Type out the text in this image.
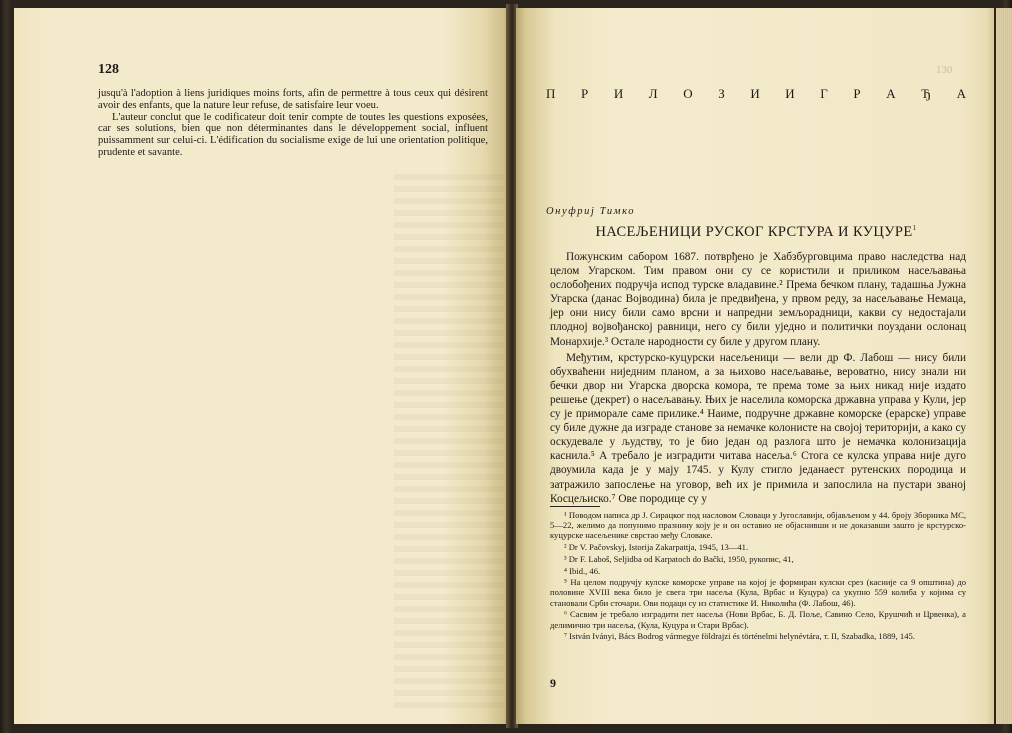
128

jusqu'à l'adoption à liens juridiques moins forts, afin de permettre à tous ceux qui désirent avoir des enfants, que la nature leur refuse, de satisfaire leur voeu.

L'auteur conclut que le codificateur doit tenir compte de toutes les questions exposées, car ses solutions, bien que non déterminantes dans le développement social, influent puissamment sur celui-ci. L'édification du socialisme exige de lui une orientation politique, prudente et savante.

130
П Р И Л О З И И Г Р А Ђ А
Онуфриј Тимко
НАСЕЉЕНИЦИ РУСКОГ КРСТУРА И КУЦУРЕ$^1$

Пожунским сабором 1687. потврђено је Хабзбурговцима право наследства над целом Угарском. Тим правом они су се користили и приликом насељавања ослобођених подручја испод турске владавине.² Према бечком плану, тадашња Јужна Угарска (данас Војводина) била је предвиђена, у првом реду, за насељавање Немаца, јер они нису били само врсни и напредни земљорадници, какви су недостајали плодној војвођанској равници, него су били уједно и политички поуздани ослонац Монархије.³ Остале народности су биле у другом плану.

Међутим, крстурско-куцурски насељеници — вели др Ф. Лабош — нису били обухваћени ниједним планом, а за њихово насељавање, вероватно, нису знали ни бечки двор ни Угарска дворска комора, те према томе за њих никад није издато решење (декрет) о насељавању. Њих је населила коморска државна управа у Кули, јер су је приморале саме прилике.⁴ Наиме, подручне државне коморске (ерарске) управе су биле дужне да изграде станове за немачке колонисте на својој територији, а како су оскудевале у људству, то је био један од разлога што је немачка колонизација каснила.⁵ А требало је изградити читава насеља.⁶ Стога се кулска управа није дуго двоумила када је у мају 1745. у Кулу стигло једанаест рутенских породица и затражило запослење на уговор, већ их је примила и запослила на пустари званој Косцељиско.⁷ Ове породице су у

¹ Поводом написа др Ј. Сирацког под насловом Словаци у Југославији, објављеном у 44. броју Зборника МС, 5—22, желимо да попунимо празнину коју је и он оставио не објаснивши и не доказавши зашто је крстурско-куцурске насељенике сврстао међу Словаке.

² Dr V. Pačovskyj, Istorija Zakarpattja, 1945, 13—41.

³ Dr F. Laboš, Seljidba od Karpatoch do Bački, 1950, рукопис, 41,

⁴ Ibid., 46.

⁵ На целом подручју кулске коморске управе на којој је формиран кулски срез (касније са 9 општина) до половине XVIII века било је свега три насеља (Кула, Врбас и Куцура) са укупно 559 колиба у којима су становали Срби сточари. Ови подаци су из статистике И. Николића (Ф. Лабош, 46).

⁶ Сасвим је требало изградити пет насеља (Нови Врбас, Б. Д. Поље, Савино Село, Крушчић и Црвенка), а делимично три насеља, (Кула, Куцура и Стари Врбас).

⁷ István Iványi, Bács Bodrog vármegye földrajzi és történelmi helynévtára, т. II, Szabadka, 1889, 145.

9
